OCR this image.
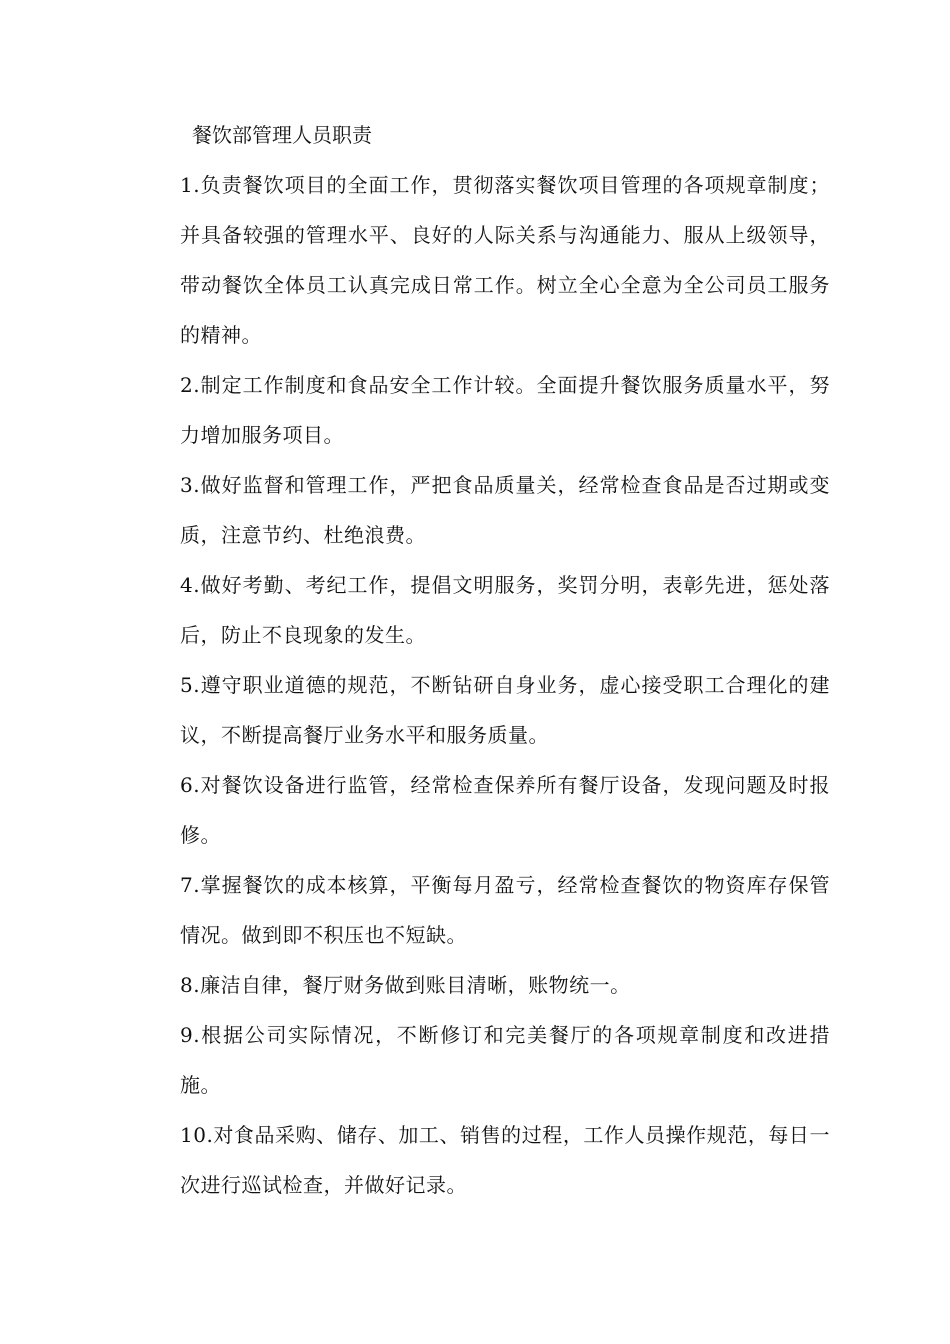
餐饮部管理人员职责
1.负责餐饮项目的全面工作，贯彻落实餐饮项目管理的各项规章制度；并具备较强的管理水平、良好的人际关系与沟通能力、服从上级领导，带动餐饮全体员工认真完成日常工作。树立全心全意为全公司员工服务的精神。
2.制定工作制度和食品安全工作计较。全面提升餐饮服务质量水平，努力增加服务项目。
3.做好监督和管理工作，严把食品质量关，经常检查食品是否过期或变质，注意节约、杜绝浪费。
4.做好考勤、考纪工作，提倡文明服务，奖罚分明，表彰先进，惩处落后，防止不良现象的发生。
5.遵守职业道德的规范，不断钻研自身业务，虚心接受职工合理化的建议，不断提高餐厅业务水平和服务质量。
6.对餐饮设备进行监管，经常检查保养所有餐厅设备，发现问题及时报修。
7.掌握餐饮的成本核算，平衡每月盈亏，经常检查餐饮的物资库存保管情况。做到即不积压也不短缺。
8.廉洁自律，餐厅财务做到账目清晰，账物统一。
9.根据公司实际情况，不断修订和完美餐厅的各项规章制度和改进措施。
10.对食品采购、储存、加工、销售的过程，工作人员操作规范，每日一次进行巡试检查，并做好记录。
